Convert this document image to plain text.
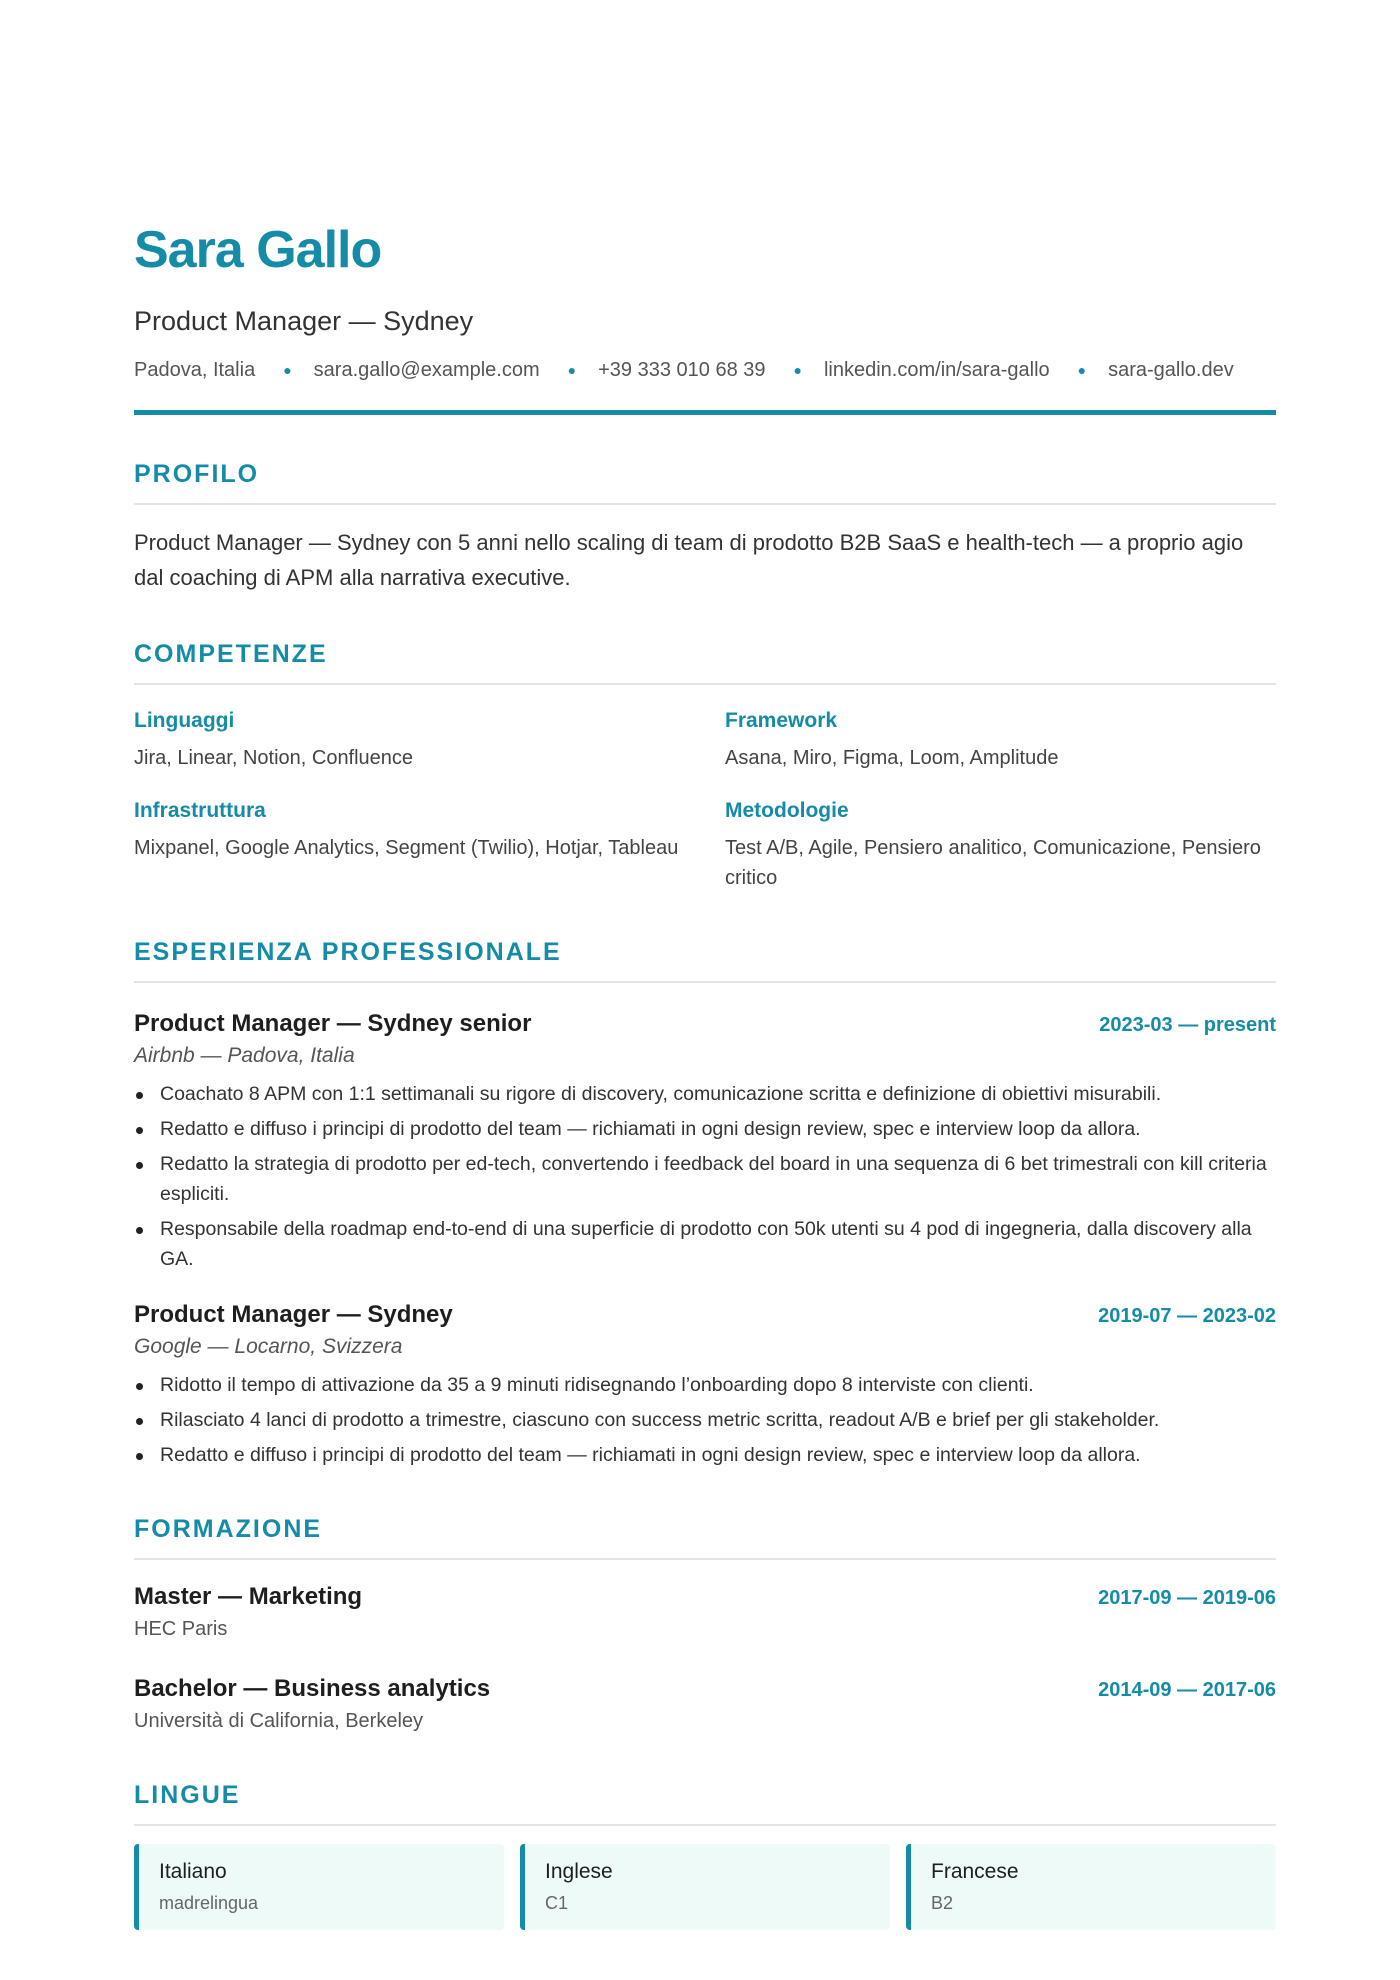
Sara Gallo
Product Manager — Sydney
Padova, Italia ● sara.gallo@example.com ● +39 333 010 68 39 ● linkedin.com/in/sara-gallo ● sara-gallo.dev
PROFILO
Product Manager — Sydney con 5 anni nello scaling di team di prodotto B2B SaaS e health-tech — a proprio agio dal coaching di APM alla narrativa executive.
COMPETENZE
Linguaggi
Jira, Linear, Notion, Confluence
Framework
Asana, Miro, Figma, Loom, Amplitude
Infrastruttura
Mixpanel, Google Analytics, Segment (Twilio), Hotjar, Tableau
Metodologie
Test A/B, Agile, Pensiero analitico, Comunicazione, Pensiero critico
ESPERIENZA PROFESSIONALE
Product Manager — Sydney senior	2023-03 — present
Airbnb — Padova, Italia
Coachato 8 APM con 1:1 settimanali su rigore di discovery, comunicazione scritta e definizione di obiettivi misurabili.
Redatto e diffuso i principi di prodotto del team — richiamati in ogni design review, spec e interview loop da allora.
Redatto la strategia di prodotto per ed-tech, convertendo i feedback del board in una sequenza di 6 bet trimestrali con kill criteria espliciti.
Responsabile della roadmap end-to-end di una superficie di prodotto con 50k utenti su 4 pod di ingegneria, dalla discovery alla GA.
Product Manager — Sydney	2019-07 — 2023-02
Google — Locarno, Svizzera
Ridotto il tempo di attivazione da 35 a 9 minuti ridisegnando l’onboarding dopo 8 interviste con clienti.
Rilasciato 4 lanci di prodotto a trimestre, ciascuno con success metric scritta, readout A/B e brief per gli stakeholder.
Redatto e diffuso i principi di prodotto del team — richiamati in ogni design review, spec e interview loop da allora.
FORMAZIONE
Master — Marketing	2017-09 — 2019-06
HEC Paris
Bachelor — Business analytics	2014-09 — 2017-06
Università di California, Berkeley
LINGUE
Italiano
madrelingua
Inglese
C1
Francese
B2
